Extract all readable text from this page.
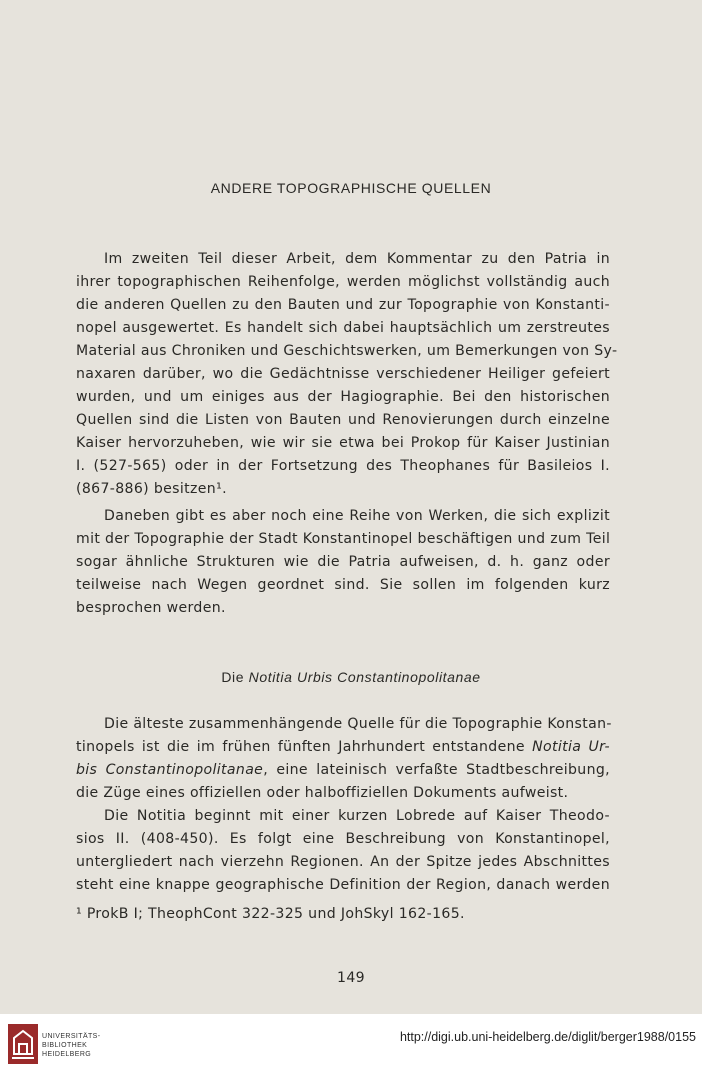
ANDERE TOPOGRAPHISCHE QUELLEN

Im zweiten Teil dieser Arbeit, dem Kommentar zu den Patria in

ihrer topographischen Reihenfolge, werden möglichst vollständig auch

die anderen Quellen zu den Bauten und zur Topographie von Konstanti-

nopel ausgewertet. Es handelt sich dabei hauptsächlich um zerstreutes

Material aus Chroniken und Geschichtswerken, um Bemerkungen von Sy-

naxaren darüber, wo die Gedächtnisse verschiedener Heiliger gefeiert

wurden, und um einiges aus der Hagiographie. Bei den historischen

Quellen sind die Listen von Bauten und Renovierungen durch einzelne

Kaiser hervorzuheben, wie wir sie etwa bei Prokop für Kaiser Justinian

I. (527-565) oder in der Fortsetzung des Theophanes für Basileios I.

(867-886) besitzen¹.

Daneben gibt es aber noch eine Reihe von Werken, die sich explizit

mit der Topographie der Stadt Konstantinopel beschäftigen und zum Teil

sogar ähnliche Strukturen wie die Patria aufweisen, d. h. ganz oder

teilweise nach Wegen geordnet sind. Sie sollen im folgenden kurz

besprochen werden.

Die Notitia Urbis Constantinopolitanae

Die älteste zusammenhängende Quelle für die Topographie Konstan-

tinopels ist die im frühen fünften Jahrhundert entstandene Notitia Ur-

bis Constantinopolitanae, eine lateinisch verfaßte Stadtbeschreibung,

die Züge eines offiziellen oder halboffiziellen Dokuments aufweist.

Die Notitia beginnt mit einer kurzen Lobrede auf Kaiser Theodo-

sios II. (408-450). Es folgt eine Beschreibung von Konstantinopel,

untergliedert nach vierzehn Regionen. An der Spitze jedes Abschnittes

steht eine knappe geographische Definition der Region, danach werden

¹ ProkB I; TheophCont 322-325 und JohSkyl 162-165.

149

UNIVERSITÄTS-
BIBLIOTHEK
HEIDELBERG
http://digi.ub.uni-heidelberg.de/diglit/berger1988/0155
